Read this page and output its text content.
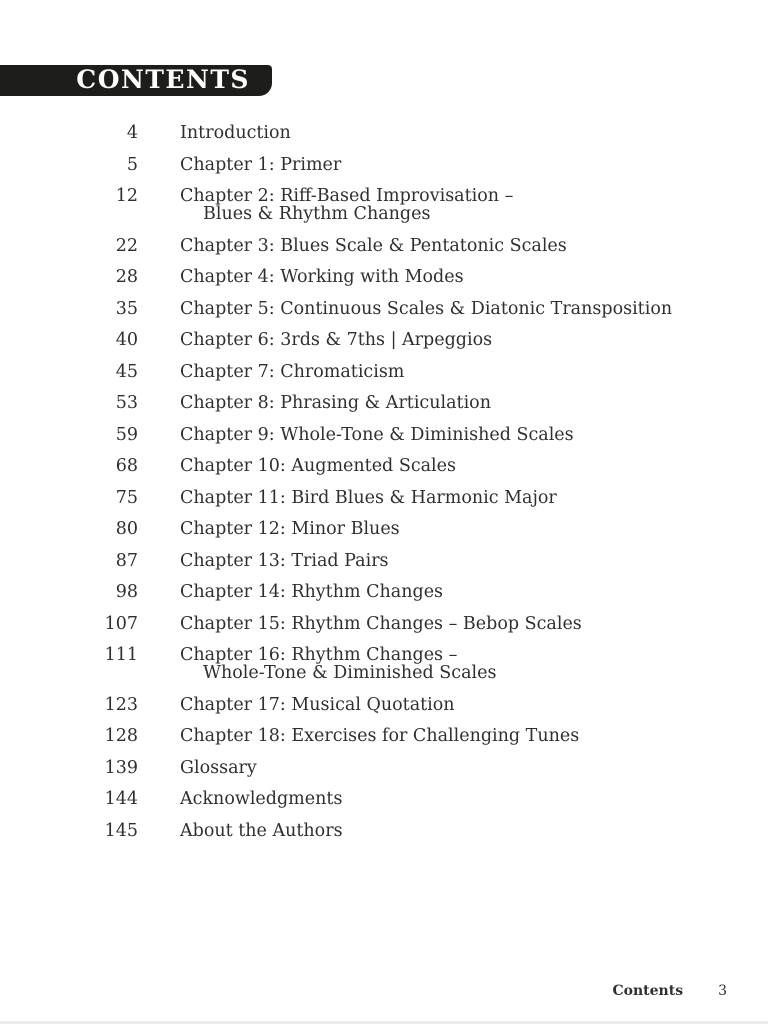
CONTENTS
4 Introduction
5 Chapter 1: Primer
12 Chapter 2: Riff-Based Improvisation –
Blues & Rhythm Changes
22 Chapter 3: Blues Scale & Pentatonic Scales
28 Chapter 4: Working with Modes
35 Chapter 5: Continuous Scales & Diatonic Transposition
40 Chapter 6: 3rds & 7ths | Arpeggios
45 Chapter 7: Chromaticism
53 Chapter 8: Phrasing & Articulation
59 Chapter 9: Whole-Tone & Diminished Scales
68 Chapter 10: Augmented Scales
75 Chapter 11: Bird Blues & Harmonic Major
80 Chapter 12: Minor Blues
87 Chapter 13: Triad Pairs
98 Chapter 14: Rhythm Changes
107 Chapter 15: Rhythm Changes – Bebop Scales
111 Chapter 16: Rhythm Changes –
Whole-Tone & Diminished Scales
123 Chapter 17: Musical Quotation
128 Chapter 18: Exercises for Challenging Tunes
139 Glossary
144 Acknowledgments
145 About the Authors
Contents	3
